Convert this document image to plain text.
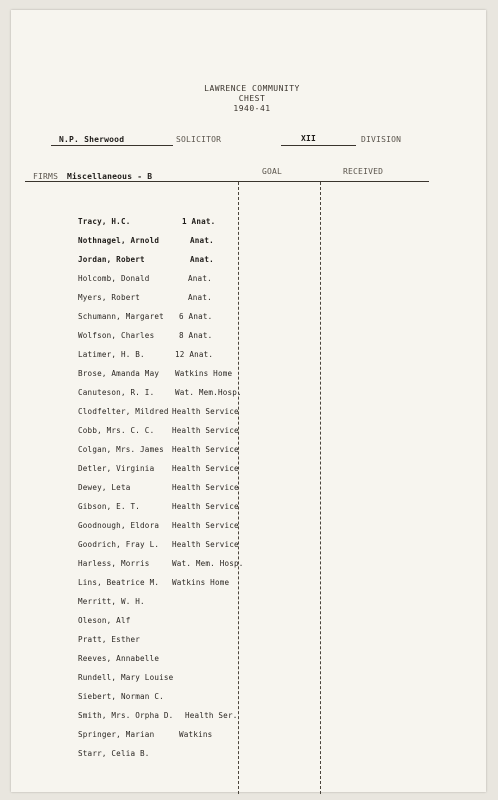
LAWRENCE COMMUNITY
CHEST
1940-41
N.P. Sherwood	SOLICITOR	XII	DIVISION
FIRMS Miscellaneous - B
GOAL	RECEIVED
Tracy, H.C.	1 Anat.
Nothnagel, Arnold	Anat.
Jordan, Robert	Anat.
Holcomb, Donald	Anat.
Myers, Robert	Anat.
Schumann, Margaret 6 Anat.
Wolfson, Charles	8 Anat.
Latimer, H. B.	12 Anat.
Brose, Amanda May Watkins Home
Canuteson, R. I.	Wat. Mem.Hosp.
Clodfelter, Mildred Health Service
Cobb, Mrs. C. C. Health Service
Colgan, Mrs. James Health Service
Detler, Virginia Health Service
Dewey, Leta	Health Service
Gibson, E. T.	Health Service
Goodnough, Eldora Health Service
Goodrich, Fray L. Health Service
Harless, Morris	Wat. Mem. Hosp.
Lins, Beatrice M. Watkins Home
Merritt, W. H.
Oleson, Alf
Pratt, Esther
Reeves, Annabelle
Rundell, Mary Louise
Siebert, Norman C.
Smith, Mrs. Orpha D. Health Ser.
Springer, Marian	Watkins
Starr, Celia B.
